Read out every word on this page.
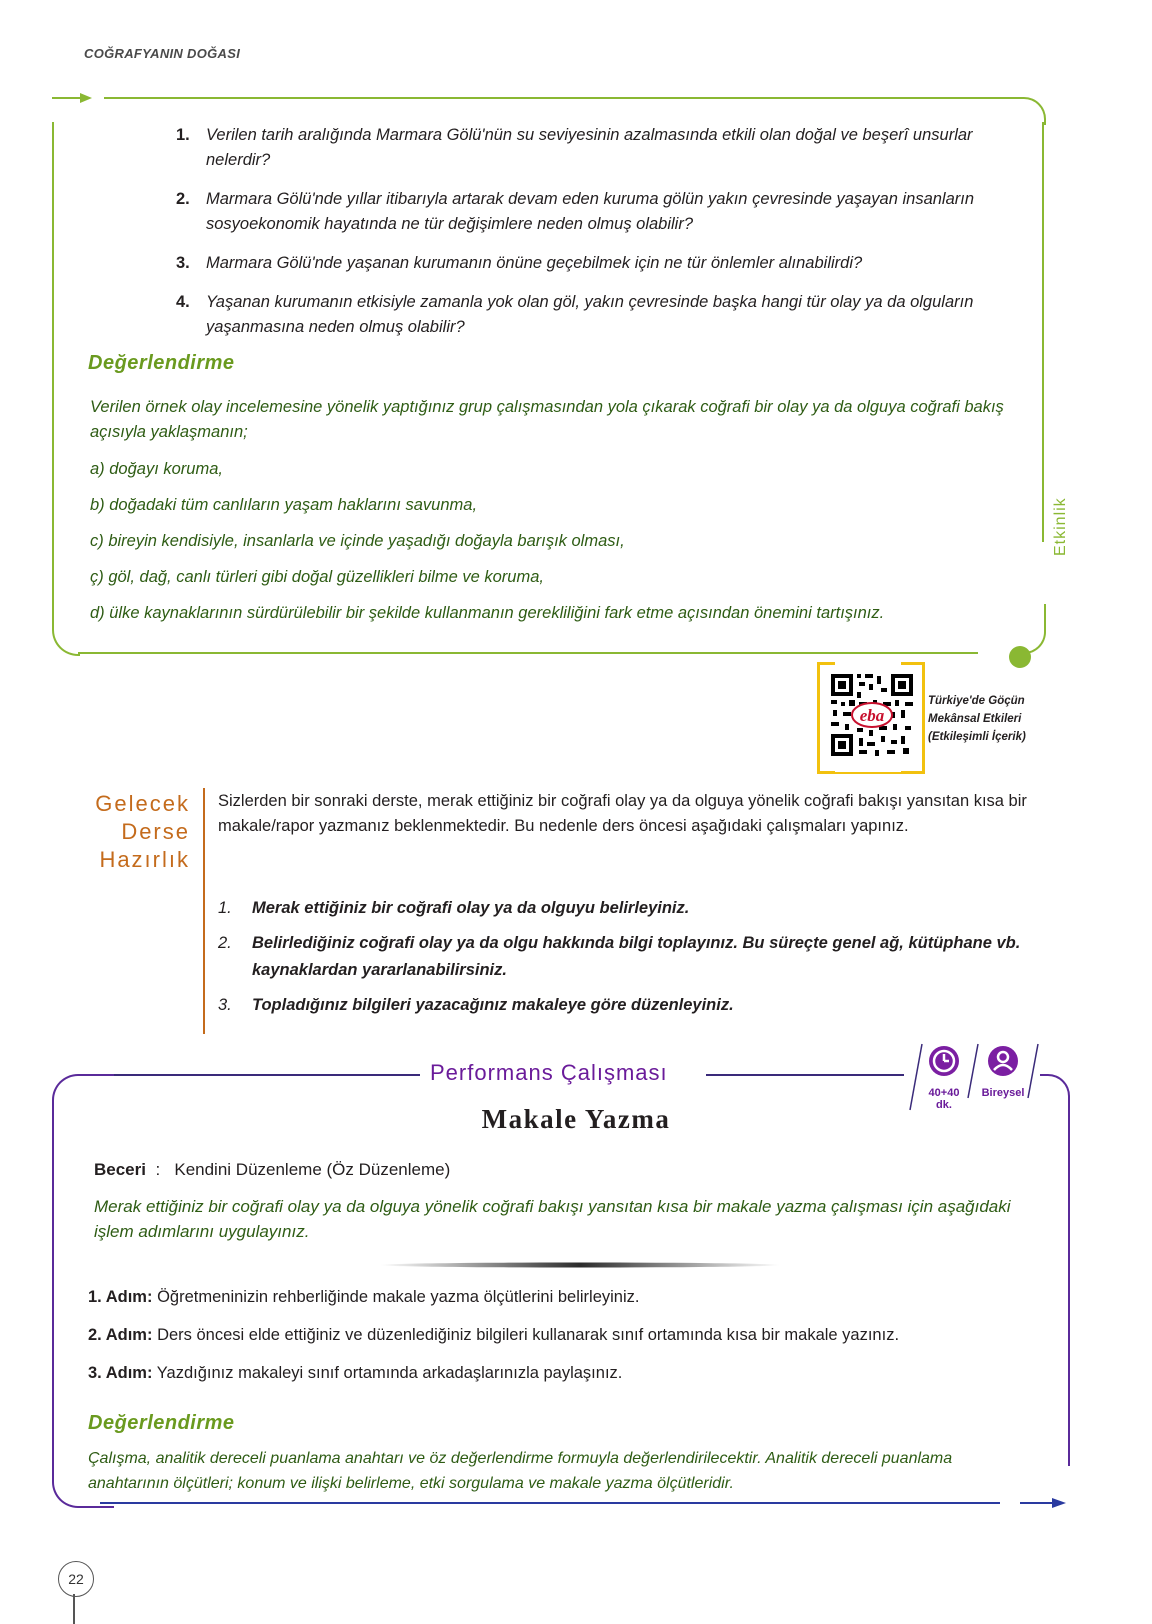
COĞRAFYANIN DOĞASI
Etkinlik
1. Verilen tarih aralığında Marmara Gölü'nün su seviyesinin azalmasında etkili olan doğal ve beşerî unsurlar nelerdir?
2. Marmara Gölü'nde yıllar itibarıyla artarak devam eden kuruma gölün yakın çevresinde yaşayan insanların sosyoekonomik hayatında ne tür değişimlere neden olmuş olabilir?
3. Marmara Gölü'nde yaşanan kurumanın önüne geçebilmek için ne tür önlemler alınabilirdi?
4. Yaşanan kurumanın etkisiyle zamanla yok olan göl, yakın çevresinde başka hangi tür olay ya da olguların yaşanmasına neden olmuş olabilir?
Değerlendirme
Verilen örnek olay incelemesine yönelik yaptığınız grup çalışmasından yola çıkarak coğrafi bir olay ya da olguya coğrafi bakış açısıyla yaklaşmanın;
a) doğayı koruma,
b) doğadaki tüm canlıların yaşam haklarını savunma,
c) bireyin kendisiyle, insanlarla ve içinde yaşadığı doğayla barışık olması,
ç) göl, dağ, canlı türleri gibi doğal güzellikleri bilme ve koruma,
d) ülke kaynaklarının sürdürülebilir bir şekilde kullanmanın gerekliliğini fark etme açısından önemini tartışınız.
eba
Türkiye'de Göçün
Mekânsal Etkileri
(Etkileşimli İçerik)
Gelecek
Derse
Hazırlık
Sizlerden bir sonraki derste, merak ettiğiniz bir coğrafi olay ya da olguya yönelik coğrafi bakışı yansıtan kısa bir makale/rapor yazmanız beklenmektedir. Bu nedenle ders öncesi aşağıdaki çalışmaları yapınız.
1.	Merak ettiğiniz bir coğrafi olay ya da olguyu belirleyiniz.
2.	Belirlediğiniz coğrafi olay ya da olgu hakkında bilgi toplayınız. Bu süreçte genel ağ, kütüphane vb. kaynaklardan yararlanabilirsiniz.
3.	Topladığınız bilgileri yazacağınız makaleye göre düzenleyiniz.
Performans Çalışması
40+40
dk.
Bireysel
Makale Yazma
Beceri  :   Kendini Düzenleme (Öz Düzenleme)
Merak ettiğiniz bir coğrafi olay ya da olguya yönelik coğrafi bakışı yansıtan kısa bir makale yazma çalışması için aşağıdaki işlem adımlarını uygulayınız.
1. Adım: Öğretmeninizin rehberliğinde makale yazma ölçütlerini belirleyiniz.
2. Adım: Ders öncesi elde ettiğiniz ve düzenlediğiniz bilgileri kullanarak sınıf ortamında kısa bir makale yazınız.
3. Adım: Yazdığınız makaleyi sınıf ortamında arkadaşlarınızla paylaşınız.
Değerlendirme
Çalışma, analitik dereceli puanlama anahtarı ve öz değerlendirme formuyla değerlendirilecektir. Analitik dereceli puanlama anahtarının ölçütleri; konum ve ilişki belirleme, etki sorgulama ve makale yazma ölçütleridir.
22
